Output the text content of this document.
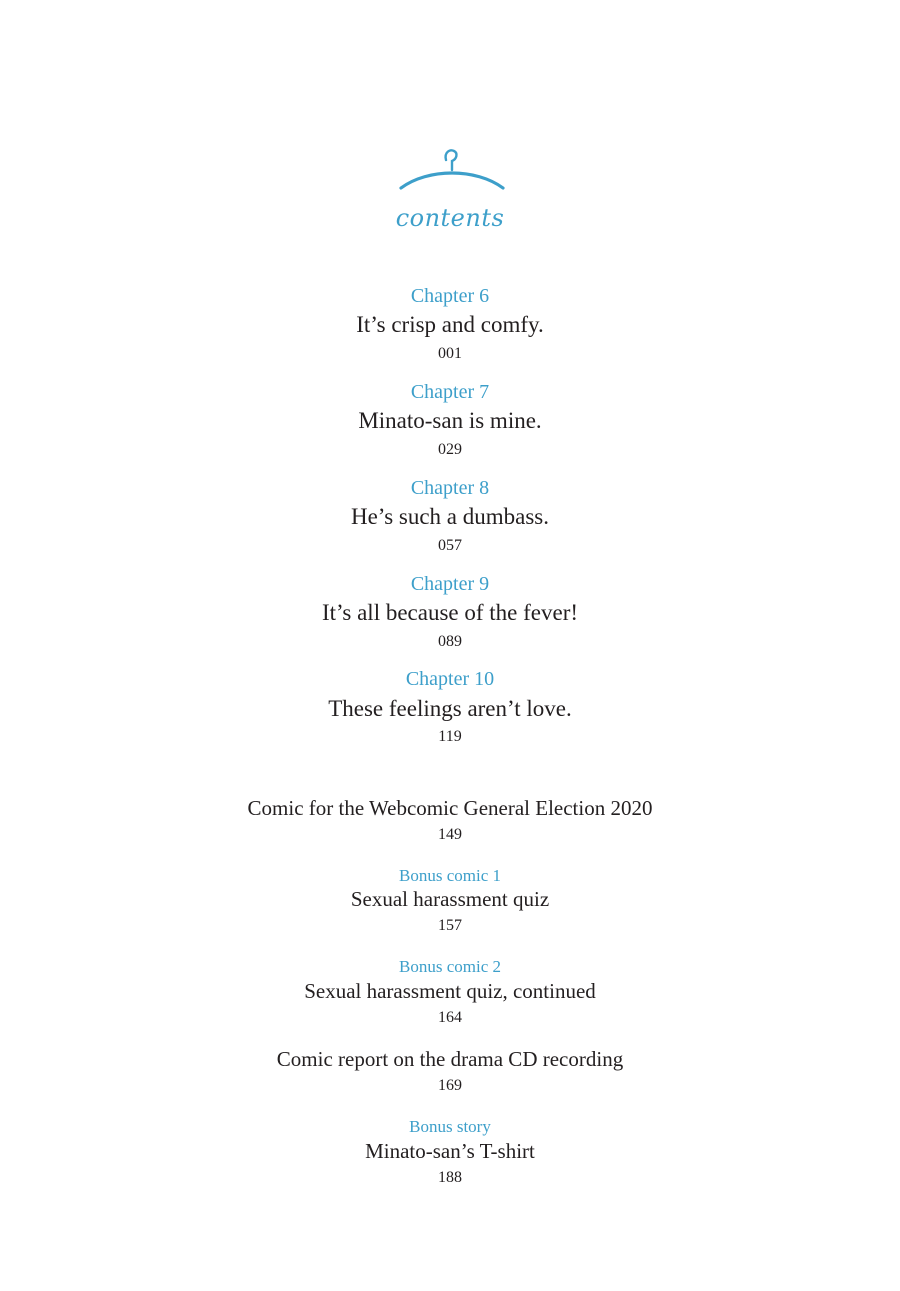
contents
Chapter 6
It’s crisp and comfy.
001
Chapter 7
Minato-san is mine.
029
Chapter 8
He’s such a dumbass.
057
Chapter 9
It’s all because of the fever!
089
Chapter 10
These feelings aren’t love.
119
Comic for the Webcomic General Election 2020
149
Bonus comic 1
Sexual harassment quiz
157
Bonus comic 2
Sexual harassment quiz, continued
164
Comic report on the drama CD recording
169
Bonus story
Minato-san’s T-shirt
188
